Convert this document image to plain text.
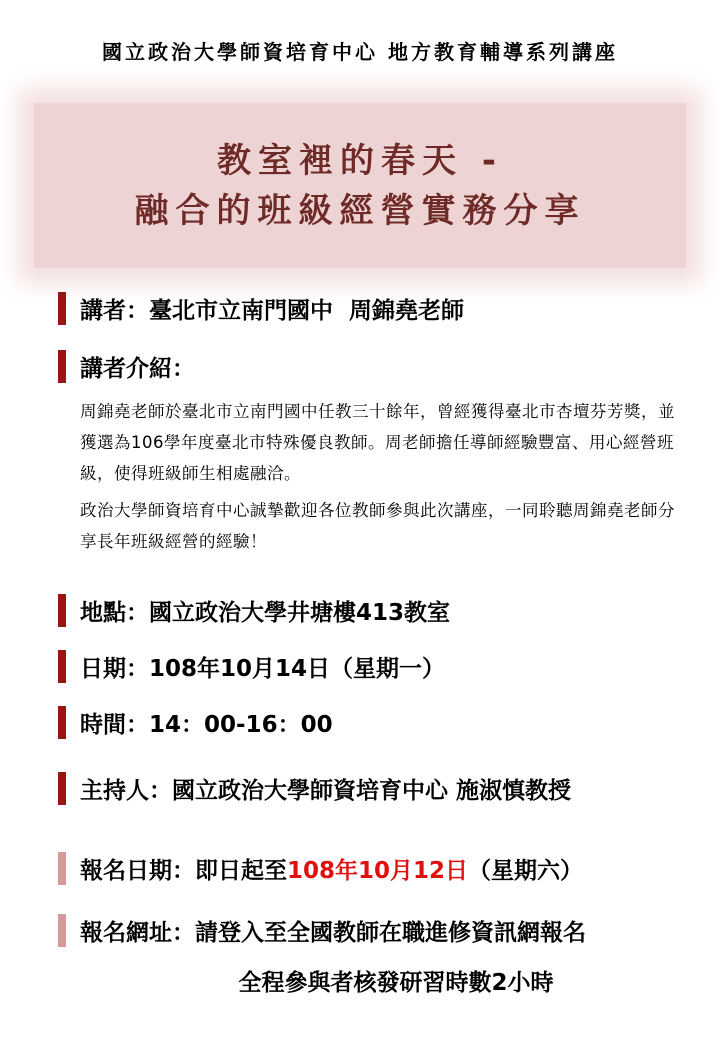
國立政治大學師資培育中心 地方教育輔導系列講座
教室裡的春天 -
融合的班級經營實務分享
講者：臺北市立南門國中  周錦堯老師
講者介紹：

周錦堯老師於臺北市立南門國中任教三十餘年，曾經獲得臺北市杏壇芬芳獎，並獲選為106學年度臺北市特殊優良教師。周老師擔任導師經驗豐富、用心經營班級，使得班級師生相處融洽。

政治大學師資培育中心誠摯歡迎各位教師參與此次講座，一同聆聽周錦堯老師分享長年班級經營的經驗！

地點：國立政治大學井塘樓413教室
日期：108年10月14日（星期一）
時間：14：00-16：00
主持人：國立政治大學師資培育中心 施淑慎教授
報名日期：即日起至108年10月12日（星期六）
報名網址：請登入至全國教師在職進修資訊網報名
全程參與者核發研習時數2小時
